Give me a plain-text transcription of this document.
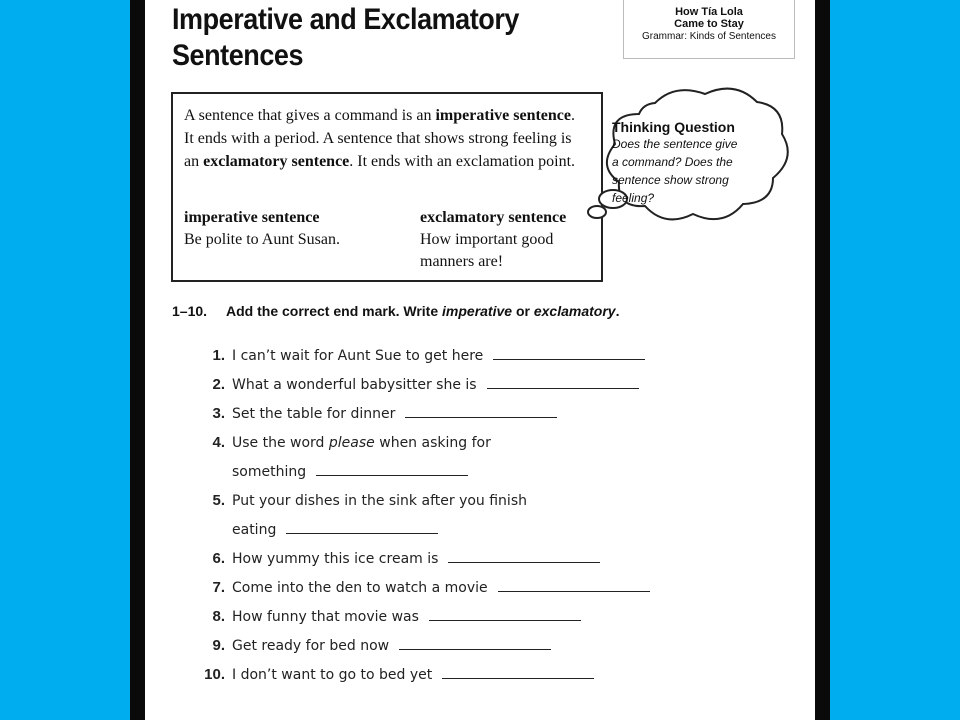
Imperative and Exclamatory
Sentences
How Tía Lola
Came to Stay
Grammar: Kinds of Sentences

A sentence that gives a command is an imperative sentence. It ends with a period. A sentence that shows strong feeling is an exclamatory sentence. It ends with an exclamation point.

imperative sentence
Be polite to Aunt Susan.
exclamatory sentence
How important good manners are!
Thinking Question
Does the sentence give
a command? Does the
sentence show strong
feeling?

1–10. Add the correct end mark. Write imperative or exclamatory.

1. I can’t wait for Aunt Sue to get here
2. What a wonderful babysitter she is
3. Set the table for dinner
4. Use the word please when asking for
something
5. Put your dishes in the sink after you finish
eating
6. How yummy this ice cream is
7. Come into the den to watch a movie
8. How funny that movie was
9. Get ready for bed now
10. I don’t want to go to bed yet
